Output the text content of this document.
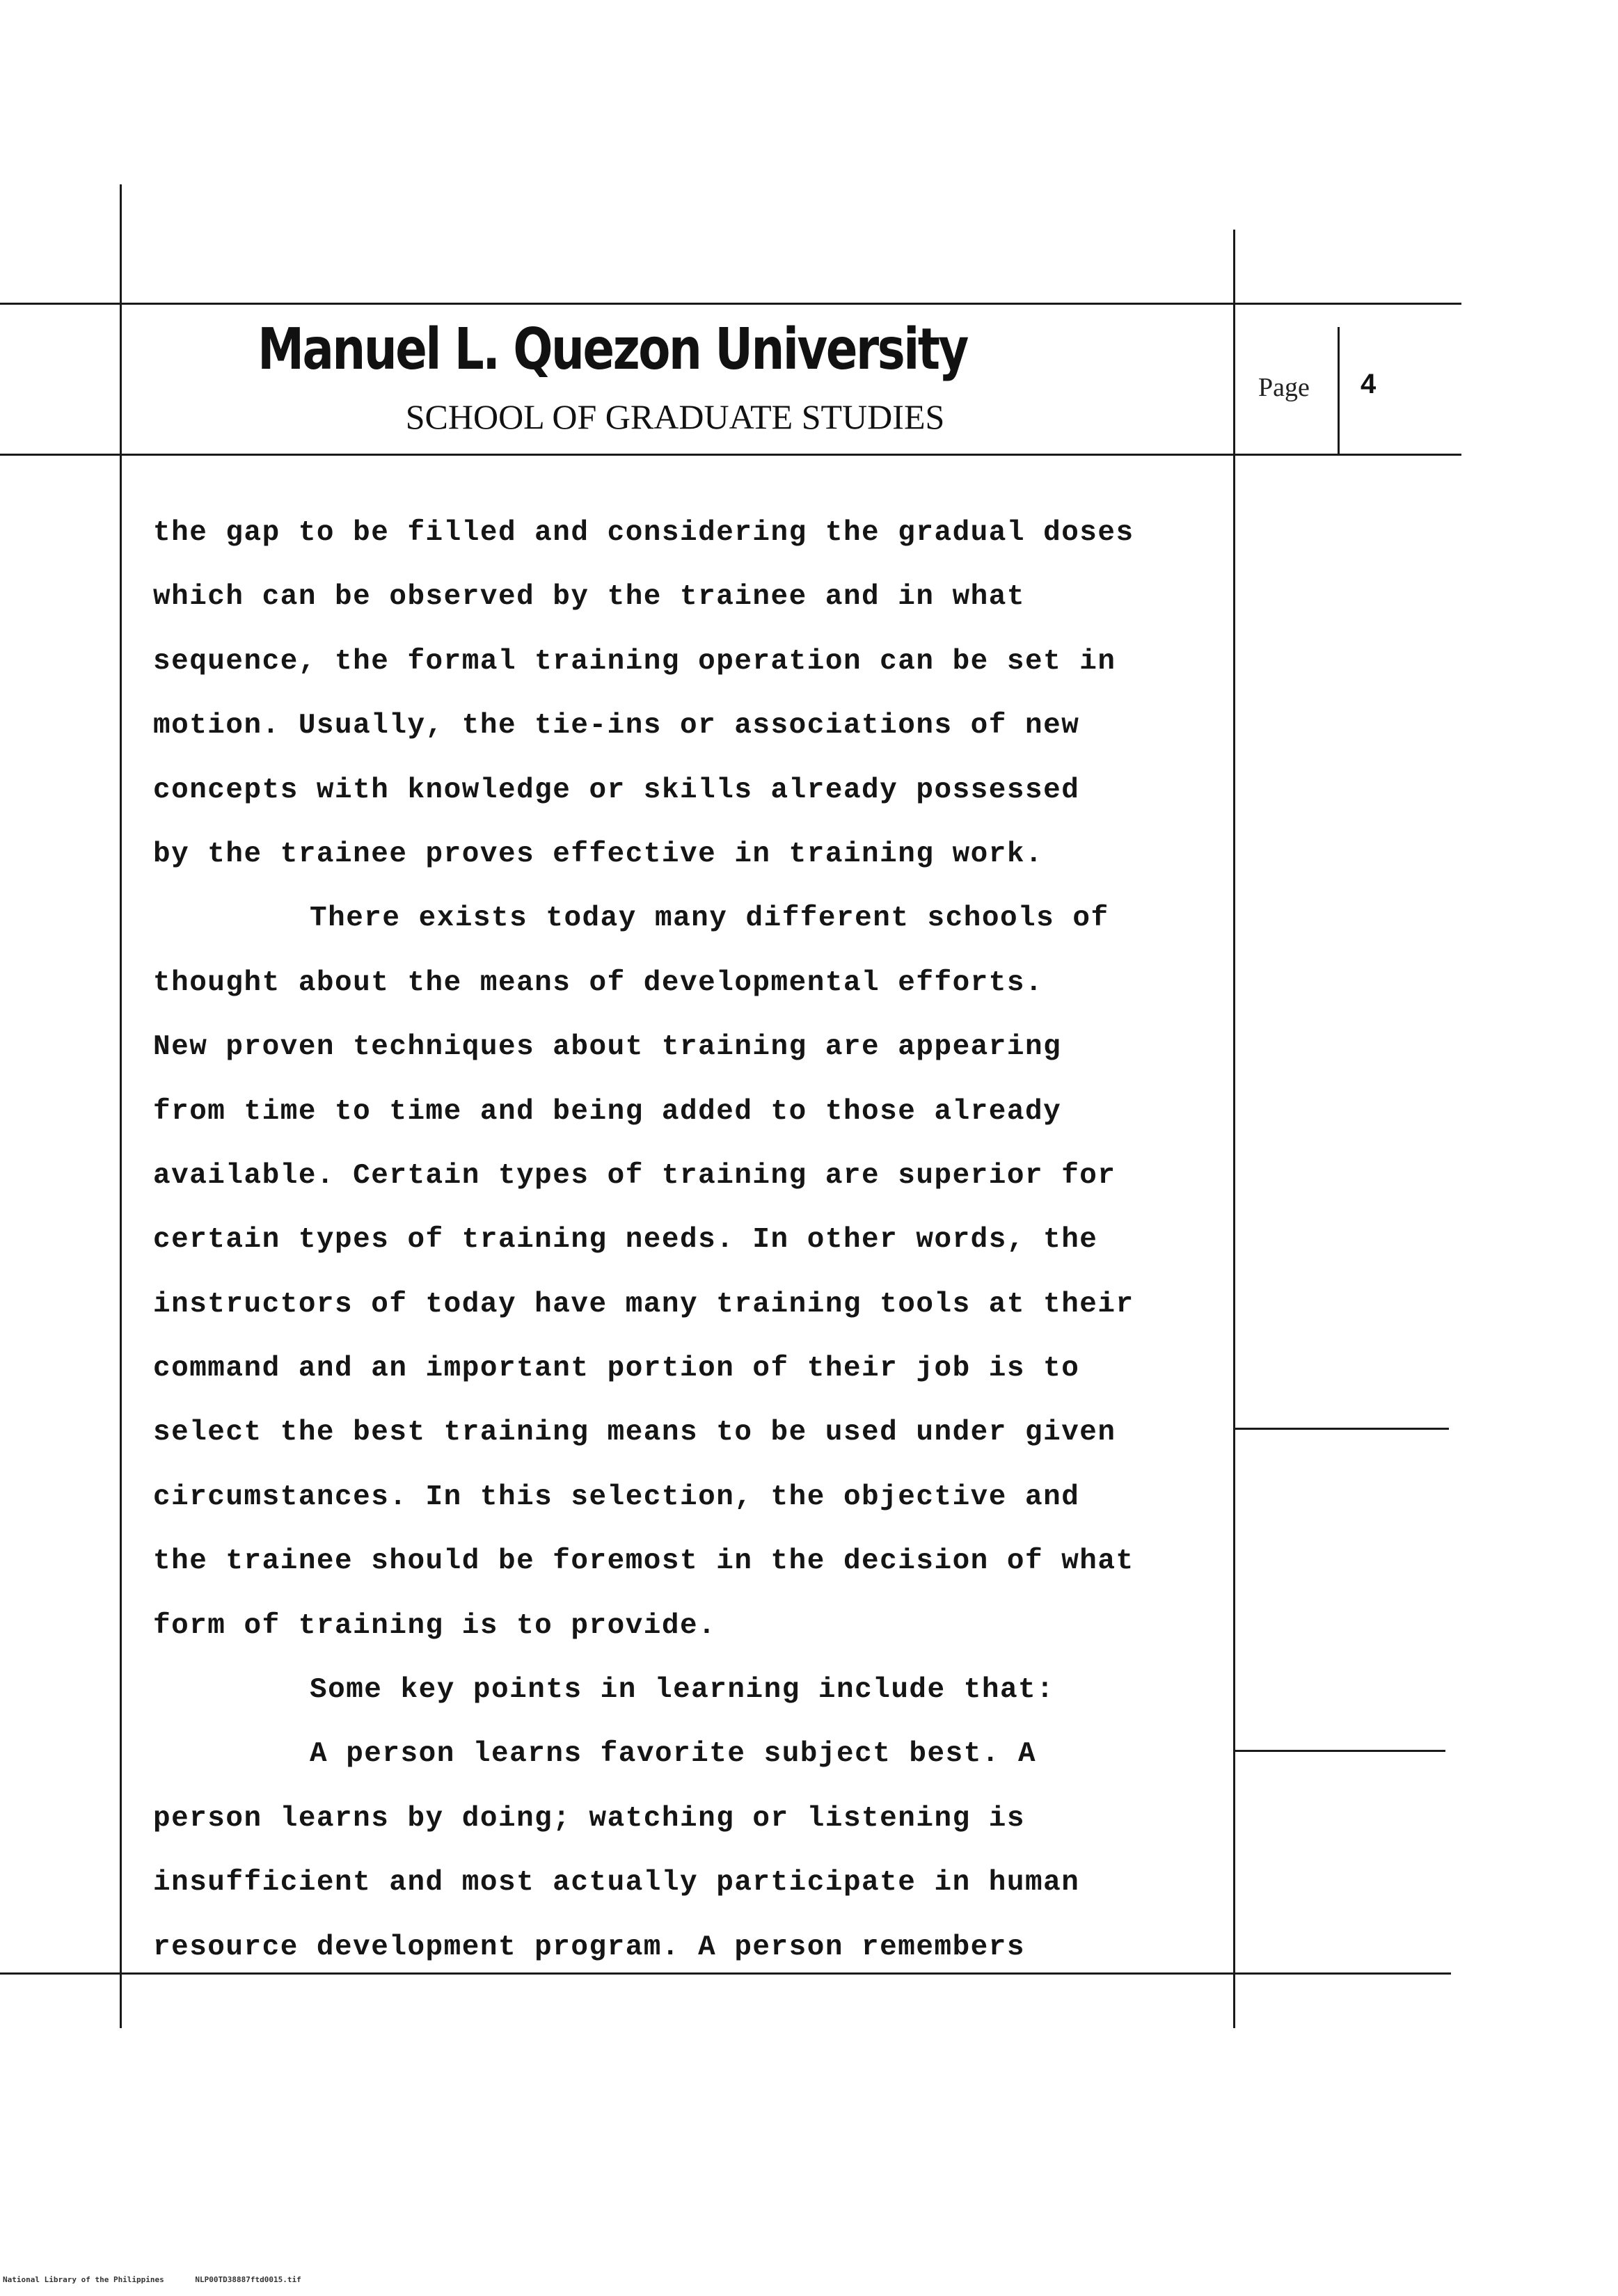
Manuel L. Quezon University
SCHOOL OF GRADUATE STUDIES
Page 4
the gap to be filled and considering the gradual doses
which can be observed by the trainee and in what
sequence, the formal training operation can be set in
motion. Usually, the tie-ins or associations of new
concepts with knowledge or skills already possessed
by the trainee proves effective in training work.
There exists today many different schools of
thought about the means of developmental efforts.
New proven techniques about training are appearing
from time to time and being added to those already
available. Certain types of training are superior for
certain types of training needs. In other words, the
instructors of today have many training tools at their
command and an important portion of their job is to
select the best training means to be used under given
circumstances. In this selection, the objective and
the trainee should be foremost in the decision of what
form of training is to provide.
Some key points in learning include that:
A person learns favorite subject best. A
person learns by doing; watching or listening is
insufficient and most actually participate in human
resource development program. A person remembers
National Library of the Philippines	NLP00TD38887ftd0015.tif
